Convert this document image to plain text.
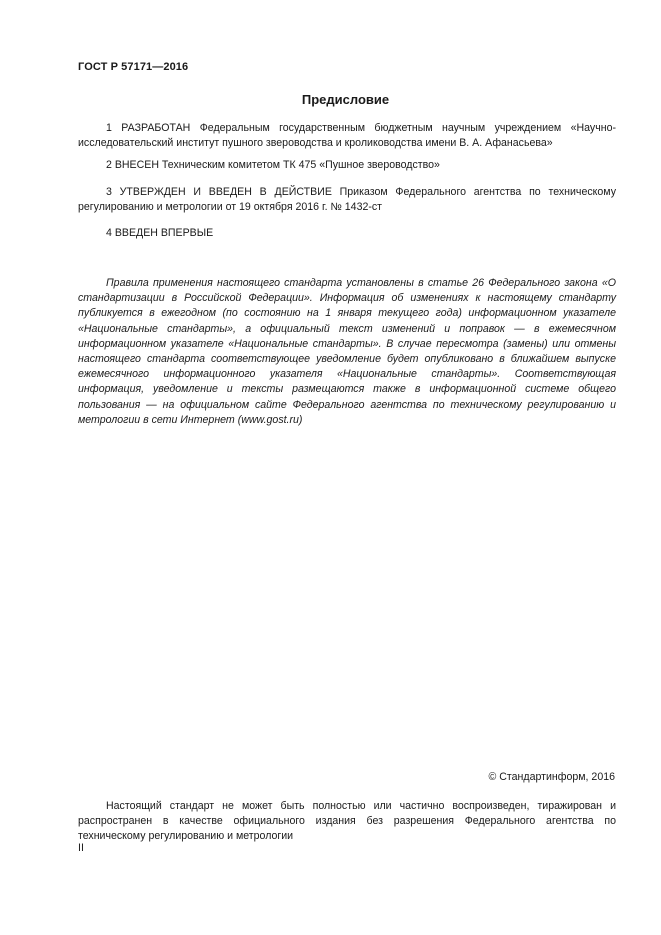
ГОСТ Р 57171—2016
Предисловие

1 РАЗРАБОТАН Федеральным государственным бюджетным научным учреждением «Научно-исследовательский институт пушного звероводства и кролиководства имени В. А. Афанасьева»

2 ВНЕСЕН Техническим комитетом ТК 475 «Пушное звероводство»

3 УТВЕРЖДЕН И ВВЕДЕН В ДЕЙСТВИЕ Приказом Федерального агентства по техническому регулированию и метрологии от 19 октября 2016 г. № 1432-ст

4 ВВЕДЕН ВПЕРВЫЕ

Правила применения настоящего стандарта установлены в статье 26 Федерального закона «О стандартизации в Российской Федерации». Информация об изменениях к настоящему стандарту публикуется в ежегодном (по состоянию на 1 января текущего года) информационном указателе «Национальные стандарты», а официальный текст изменений и поправок — в ежемесячном информационном указателе «Национальные стандарты». В случае пересмотра (замены) или отмены настоящего стандарта соответствующее уведомление будет опубликовано в ближайшем выпуске ежемесячного информационного указателя «Национальные стандарты». Соответствующая информация, уведомление и тексты размещаются также в информационной системе общего пользования — на официальном сайте Федерального агентства по техническому регулированию и метрологии в сети Интернет (www.gost.ru)

© Стандартинформ, 2016

Настоящий стандарт не может быть полностью или частично воспроизведен, тиражирован и распространен в качестве официального издания без разрешения Федерального агентства по техническому регулированию и метрологии

II
